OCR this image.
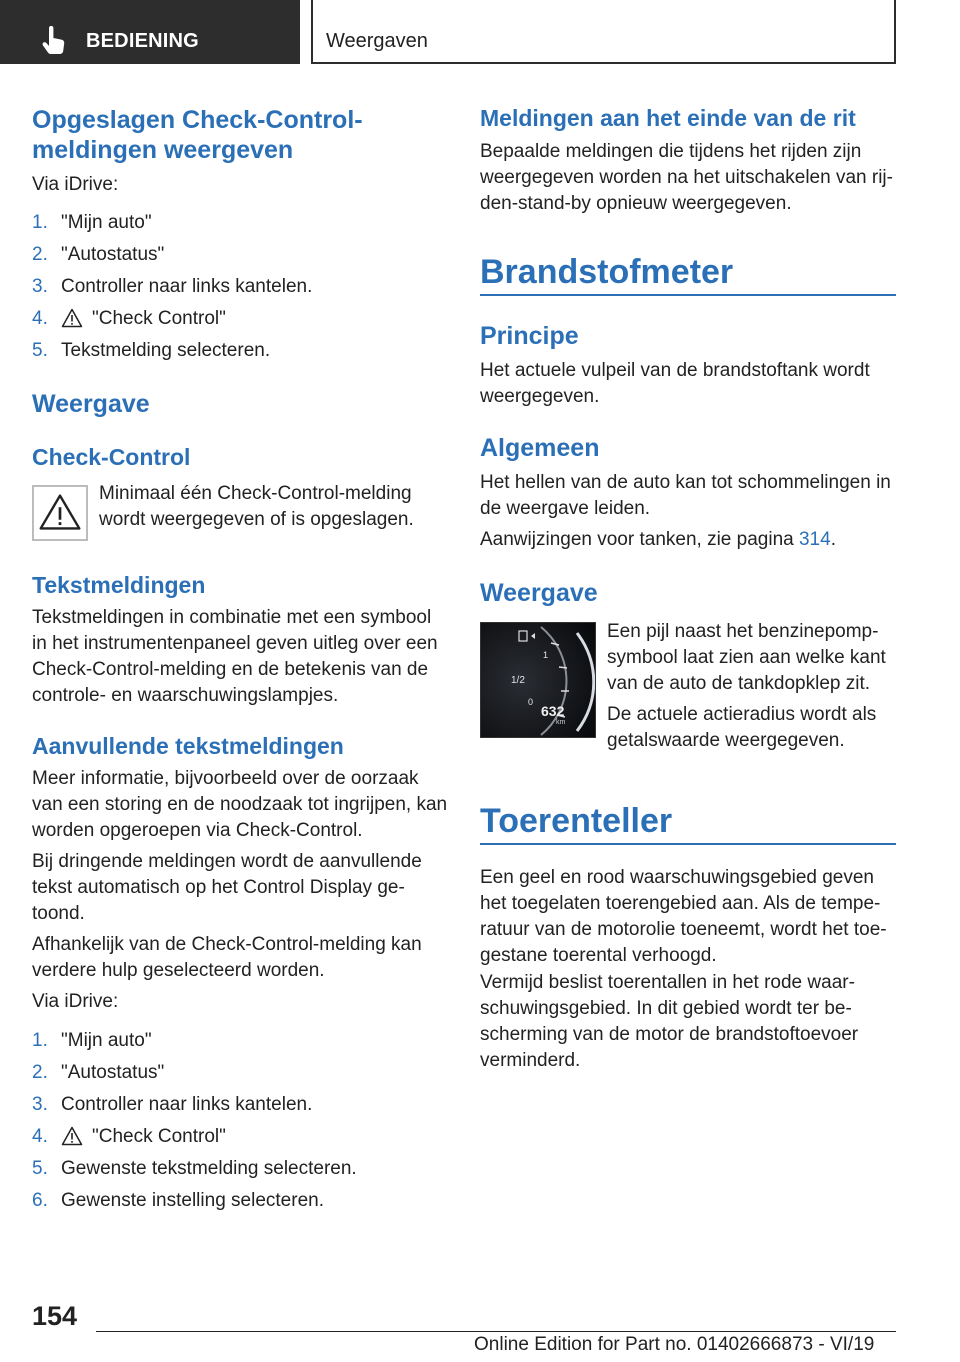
BEDIENING	Weergaven
Opgeslagen Check-Control-
meldingen weergeven
Via iDrive:
1. "Mijn auto"
2. "Autostatus"
3. Controller naar links kantelen.
4. "Check Control"
5. Tekstmelding selecteren.
Weergave
Check-Control
Minimaal één Check-Control-melding
wordt weergegeven of is opgeslagen.
Tekstmeldingen
Tekstmeldingen in combinatie met een symbool
in het instrumentenpaneel geven uitleg over een
Check-Control-melding en de betekenis van de
controle- en waarschuwingslampjes.
Aanvullende tekstmeldingen
Meer informatie, bijvoorbeeld over de oorzaak
van een storing en de noodzaak tot ingrijpen, kan
worden opgeroepen via Check-Control.
Bij dringende meldingen wordt de aanvullende
tekst automatisch op het Control Display ge-
toond.
Afhankelijk van de Check-Control-melding kan
verdere hulp geselecteerd worden.
Via iDrive:
1. "Mijn auto"
2. "Autostatus"
3. Controller naar links kantelen.
4. "Check Control"
5. Gewenste tekstmelding selecteren.
6. Gewenste instelling selecteren.
Meldingen aan het einde van de rit
Bepaalde meldingen die tijdens het rijden zijn
weergegeven worden na het uitschakelen van rij-
den-stand-by opnieuw weergegeven.
Brandstofmeter
Principe
Het actuele vulpeil van de brandstoftank wordt
weergegeven.
Algemeen
Het hellen van de auto kan tot schommelingen in
de weergave leiden.
Aanwijzingen voor tanken, zie pagina 314.
Weergave
1
1/2
0
632
km
Een pijl naast het benzinepomp-
symbool laat zien aan welke kant
van de auto de tankdopklep zit.
De actuele actieradius wordt als
getalswaarde weergegeven.
Toerenteller
Een geel en rood waarschuwingsgebied geven
het toegelaten toerengebied aan. Als de tempe-
ratuur van de motorolie toeneemt, wordt het toe-
gestane toerental verhoogd.
Vermijd beslist toerentallen in het rode waar-
schuwingsgebied. In dit gebied wordt ter be-
scherming van de motor de brandstoftoevoer
verminderd.
154
Online Edition for Part no. 01402666873 - VI/19
